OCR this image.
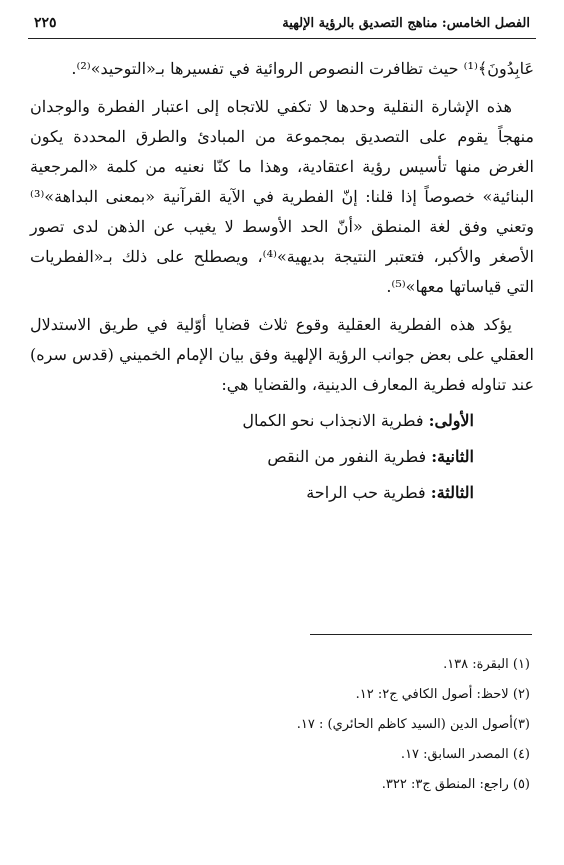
الفصل الخامس: مناهج التصديق بالرؤية الإلهية
٢٢٥

عَابِدُونَ﴾⁽¹⁾ حيث تظافرت النصوص الروائية في تفسيرها بـ«التوحيد»⁽²⁾.

هذه الإشارة النقلية وحدها لا تكفي للاتجاه إلى اعتبار الفطرة والوجدان منهجاً يقوم على التصديق بمجموعة من المبادئ والطرق المحددة يكون الغرض منها تأسيس رؤية اعتقادية، وهذا ما كنّا نعنيه من كلمة «المرجعية البنائية» خصوصاً إذا قلنا: إنّ الفطرية في الآية القرآنية «بمعنى البداهة»⁽³⁾ وتعني وفق لغة المنطق «أنّ الحد الأوسط لا يغيب عن الذهن لدى تصور الأصغر والأكبر، فتعتبر النتيجة بديهية»⁽⁴⁾، ويصطلح على ذلك بـ«الفطريات التي قياساتها معها»⁽⁵⁾.

يؤكد هذه الفطرية العقلية وقوع ثلاث قضايا أوّلية في طريق الاستدلال العقلي على بعض جوانب الرؤية الإلهية وفق بيان الإمام الخميني (قدس سره) عند تناوله فطرية المعارف الدينية، والقضايا هي:

الأولى: فطرية الانجذاب نحو الكمال

الثانية: فطرية النفور من النقص

الثالثة: فطرية حب الراحة

(١) البقرة: ١٣٨.
(٢) لاحظ: أصول الكافي ج٢: ١٢.
(٣)أصول الدين (السيد كاظم الحائري) : ١٧.
(٤) المصدر السابق: ١٧.
(٥) راجع: المنطق ج٣: ٣٢٢.
